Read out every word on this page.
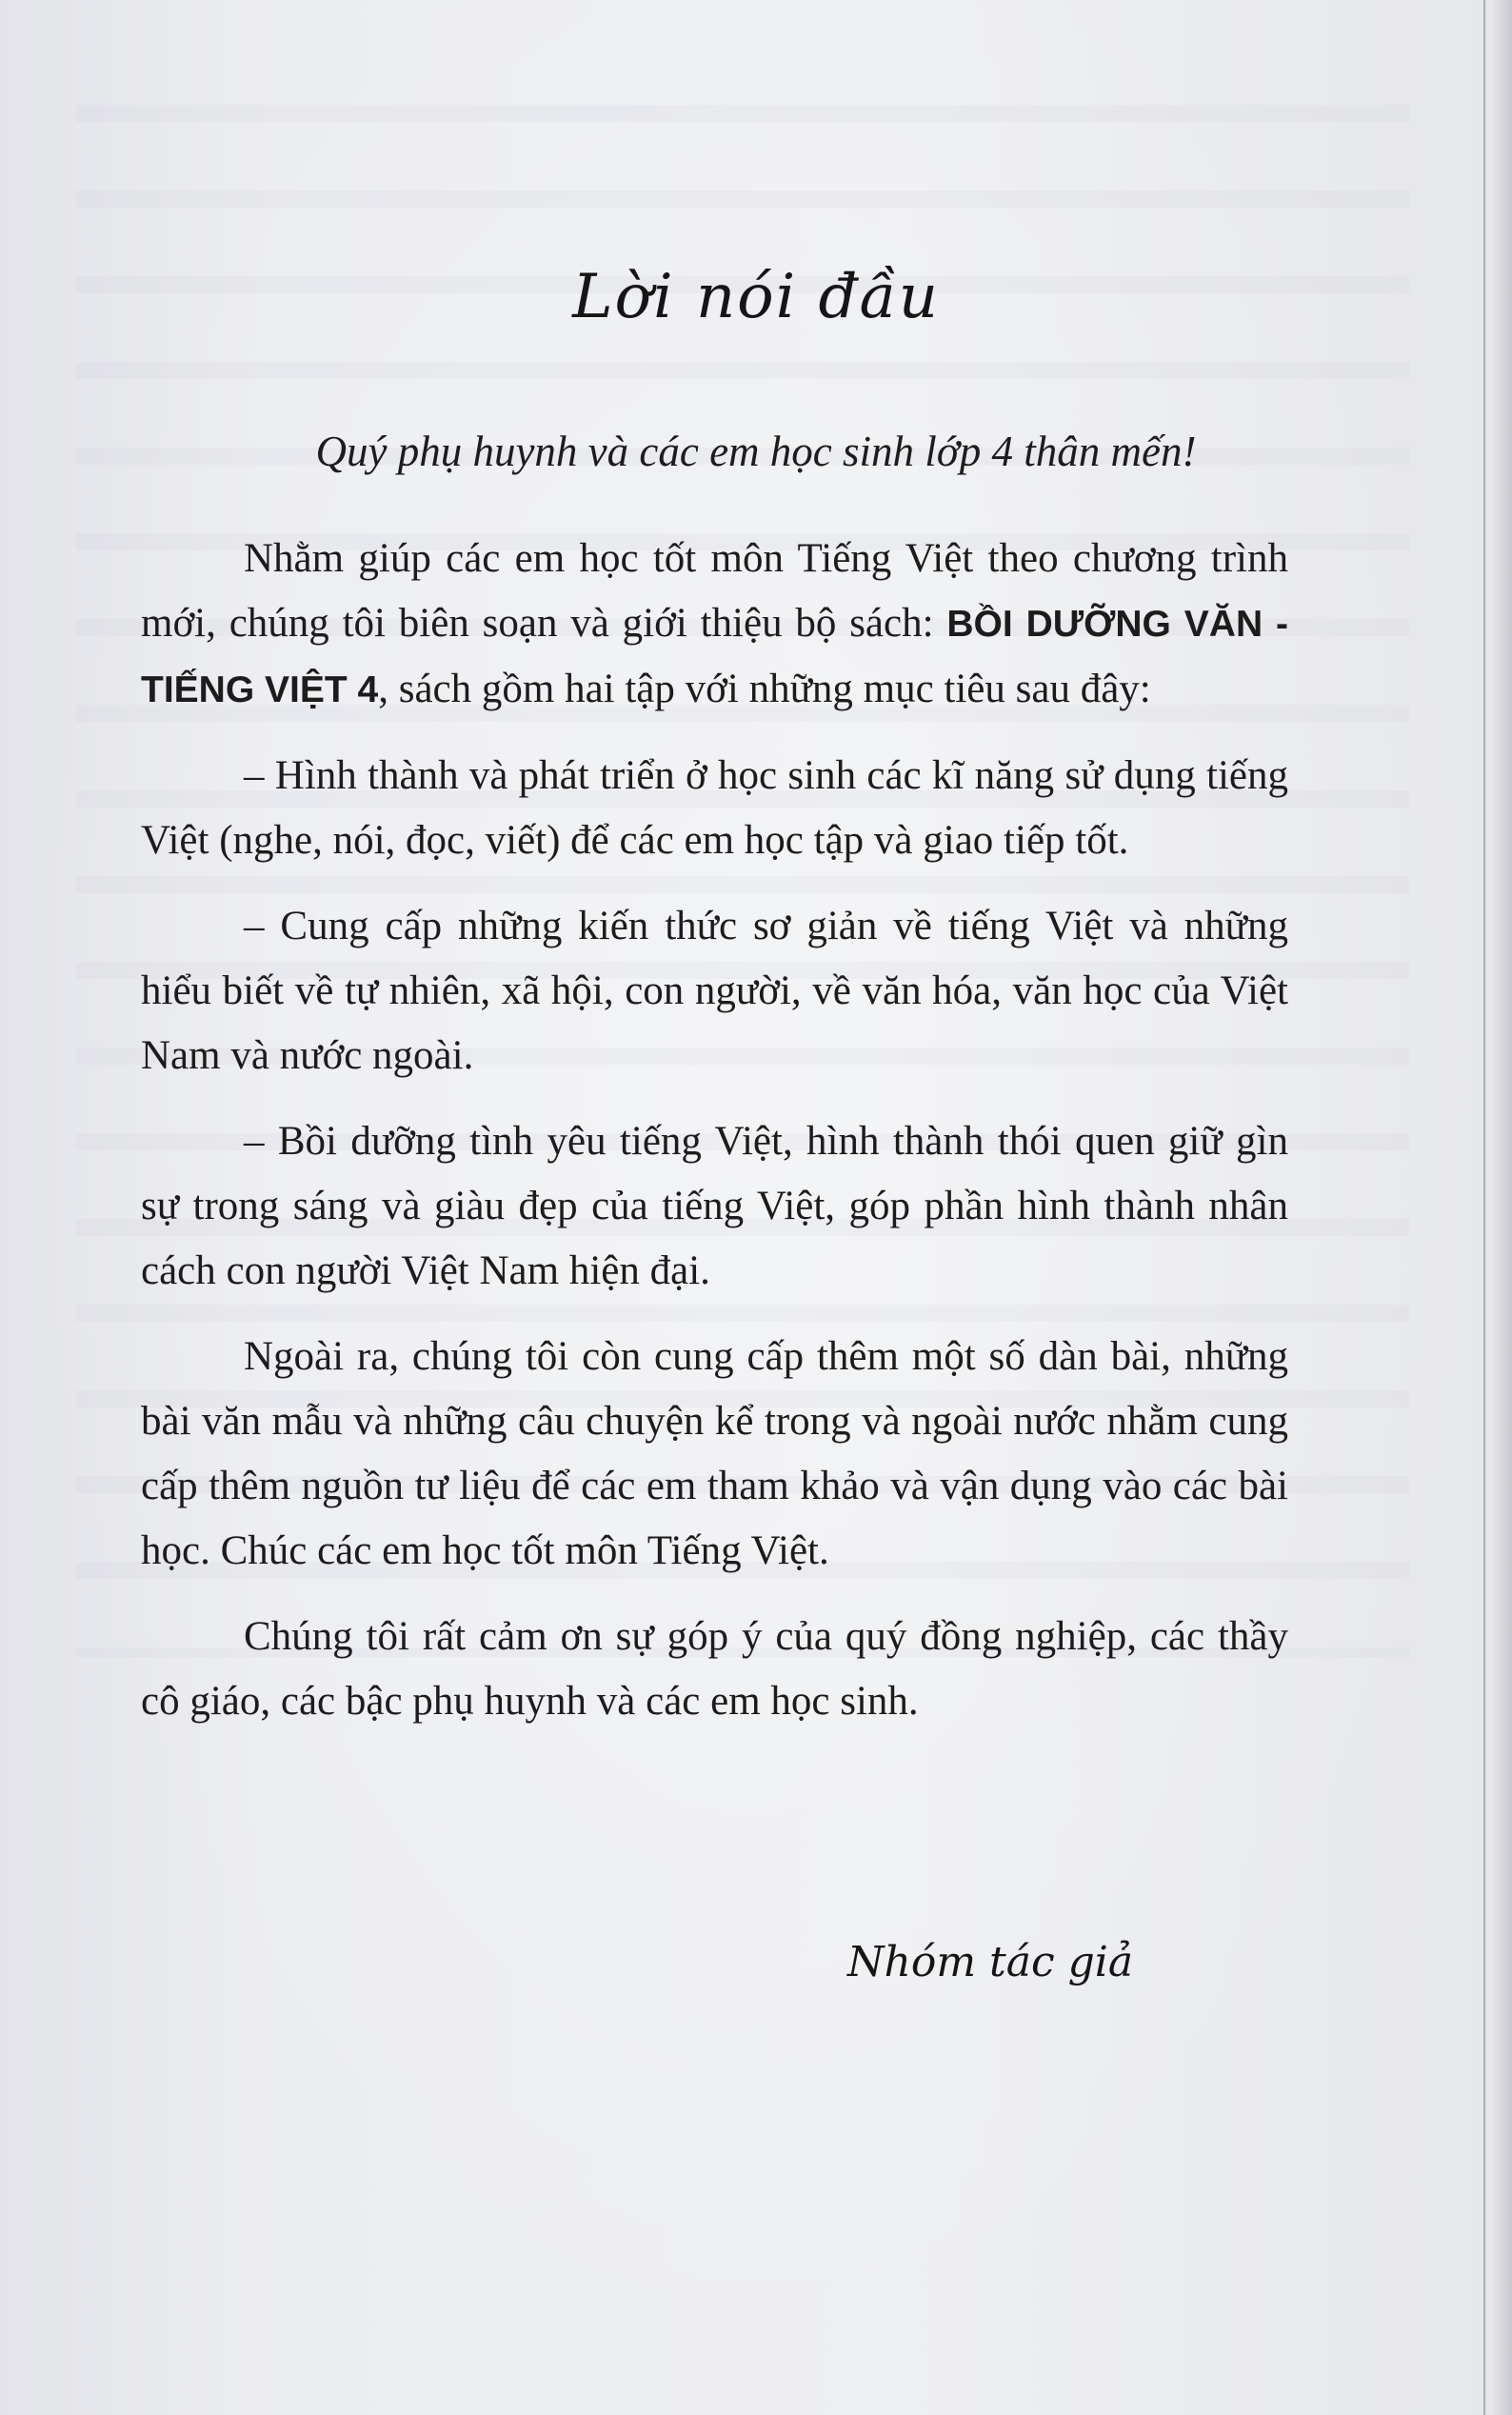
Lời nói đầu
Quý phụ huynh và các em học sinh lớp 4 thân mến!

Nhằm giúp các em học tốt môn Tiếng Việt theo chương trình mới, chúng tôi biên soạn và giới thiệu bộ sách: BỒI DƯỠNG VĂN - TIẾNG VIỆT 4, sách gồm hai tập với những mục tiêu sau đây:

– Hình thành và phát triển ở học sinh các kĩ năng sử dụng tiếng Việt (nghe, nói, đọc, viết) để các em học tập và giao tiếp tốt.

– Cung cấp những kiến thức sơ giản về tiếng Việt và những hiểu biết về tự nhiên, xã hội, con người, về văn hóa, văn học của Việt Nam và nước ngoài.

– Bồi dưỡng tình yêu tiếng Việt, hình thành thói quen giữ gìn sự trong sáng và giàu đẹp của tiếng Việt, góp phần hình thành nhân cách con người Việt Nam hiện đại.

Ngoài ra, chúng tôi còn cung cấp thêm một số dàn bài, những bài văn mẫu và những câu chuyện kể trong và ngoài nước nhằm cung cấp thêm nguồn tư liệu để các em tham khảo và vận dụng vào các bài học. Chúc các em học tốt môn Tiếng Việt.

Chúng tôi rất cảm ơn sự góp ý của quý đồng nghiệp, các thầy cô giáo, các bậc phụ huynh và các em học sinh.

Nhóm tác giả
